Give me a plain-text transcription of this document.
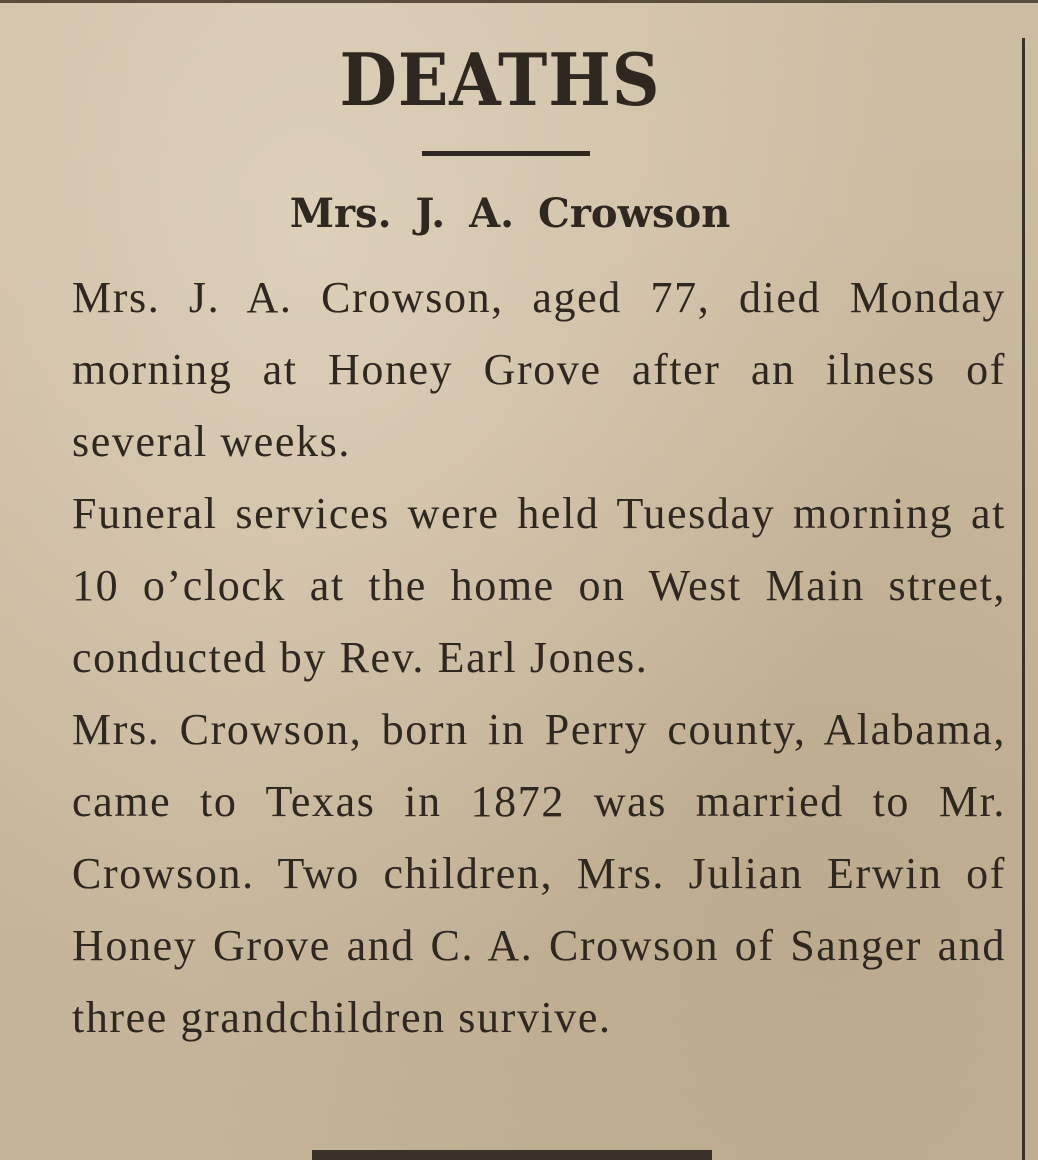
DEATHS
Mrs. J. A. Crowson

Mrs. J. A. Crowson, aged 77, died Monday morning at Honey Grove after an ilness of several weeks.

Funeral services were held Tuesday morning at 10 o’clock at the home on West Main street, conducted by Rev. Earl Jones.

Mrs. Crowson, born in Perry county, Alabama, came to Texas in 1872 was married to Mr. Crowson. Two children, Mrs. Julian Erwin of Honey Grove and C. A. Crowson of Sanger and three grandchildren survive.
